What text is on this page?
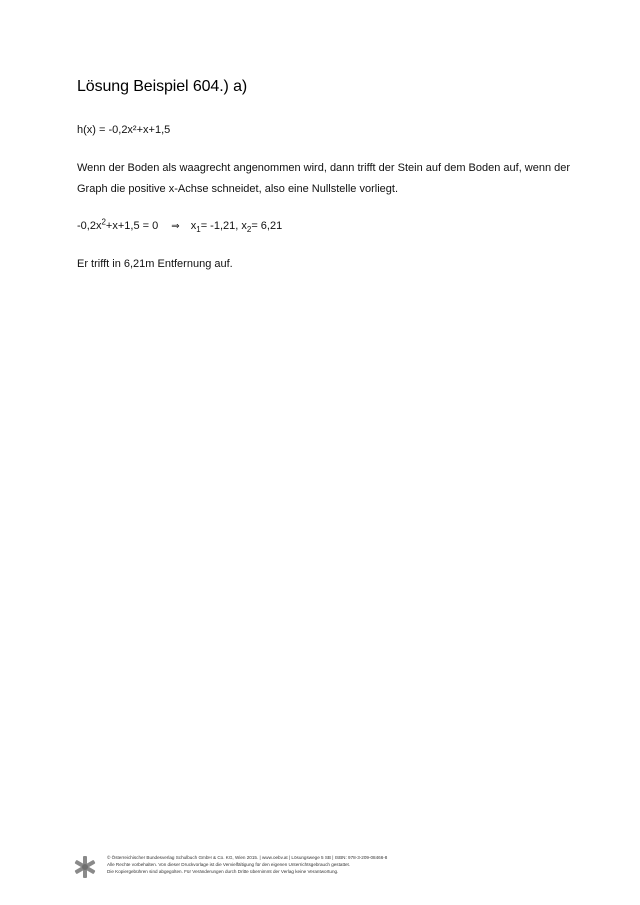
Lösung Beispiel 604.) a)
h(x) = -0,2x²+x+1,5
Wenn der Boden als waagrecht angenommen wird, dann trifft der Stein auf dem Boden auf, wenn der Graph die positive x-Achse schneidet, also eine Nullstelle vorliegt.
$-0,2x^2+x+1,5 = 0$ ⇒ $x_1= -1,21$, $x_2= 6,21$
Er trifft in 6,21m Entfernung auf.
© Österreichischer Bundesverlag Schulbuch GmbH & Co. KG, Wien 2015. | www.oebv.at | Lösungswege 5 SB | ISBN: 978-3-209-08466-8
Alle Rechte vorbehalten. Von dieser Druckvorlage ist die Vervielfältigung für den eigenen Unterrichtsgebrauch gestattet.
Die Kopiergebühren sind abgegolten. Für Veränderungen durch Dritte übernimmt der Verlag keine Verantwortung.
